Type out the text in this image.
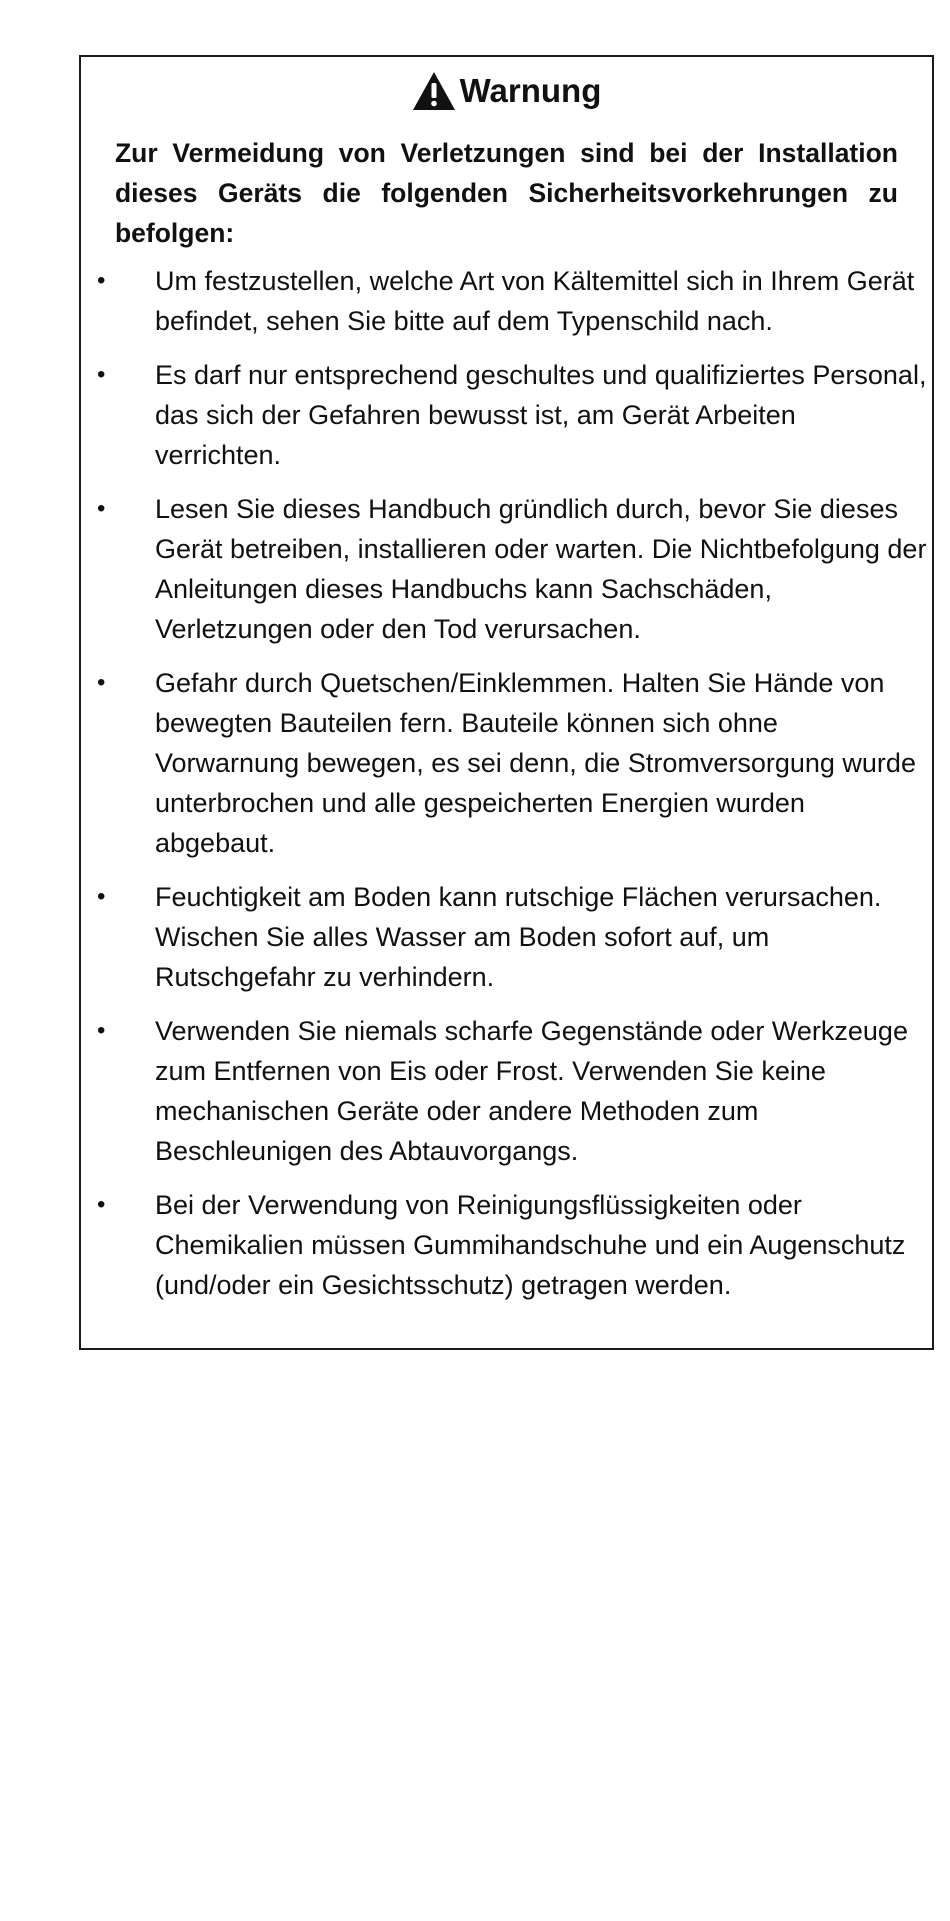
Warnung
Zur Vermeidung von Verletzungen sind bei der Installation dieses Geräts die folgenden Sicherheitsvorkehrungen zu befolgen:
•	Um festzustellen, welche Art von Kältemittel sich in Ihrem Gerät befindet, sehen Sie bitte auf dem Typenschild nach.
•	Es darf nur entsprechend geschultes und qualifiziertes Personal, das sich der Gefahren bewusst ist, am Gerät Arbeiten verrichten.
•	Lesen Sie dieses Handbuch gründlich durch, bevor Sie dieses Gerät betreiben, installieren oder warten. Die Nichtbefolgung der Anleitungen dieses Handbuchs kann Sachschäden, Verletzungen oder den Tod verursachen.
•	Gefahr durch Quetschen/Einklemmen. Halten Sie Hände von bewegten Bauteilen fern. Bauteile können sich ohne Vorwarnung bewegen, es sei denn, die Stromversorgung wurde unterbrochen und alle gespeicherten Energien wurden abgebaut.
•	Feuchtigkeit am Boden kann rutschige Flächen verursachen. Wischen Sie alles Wasser am Boden sofort auf, um Rutschgefahr zu verhindern.
•	Verwenden Sie niemals scharfe Gegenstände oder Werkzeuge zum Entfernen von Eis oder Frost. Verwenden Sie keine mechanischen Geräte oder andere Methoden zum Beschleunigen des Abtauvorgangs.
•	Bei der Verwendung von Reinigungsflüssigkeiten oder Chemikalien müssen Gummihandschuhe und ein Augenschutz (und/oder ein Gesichtsschutz) getragen werden.
